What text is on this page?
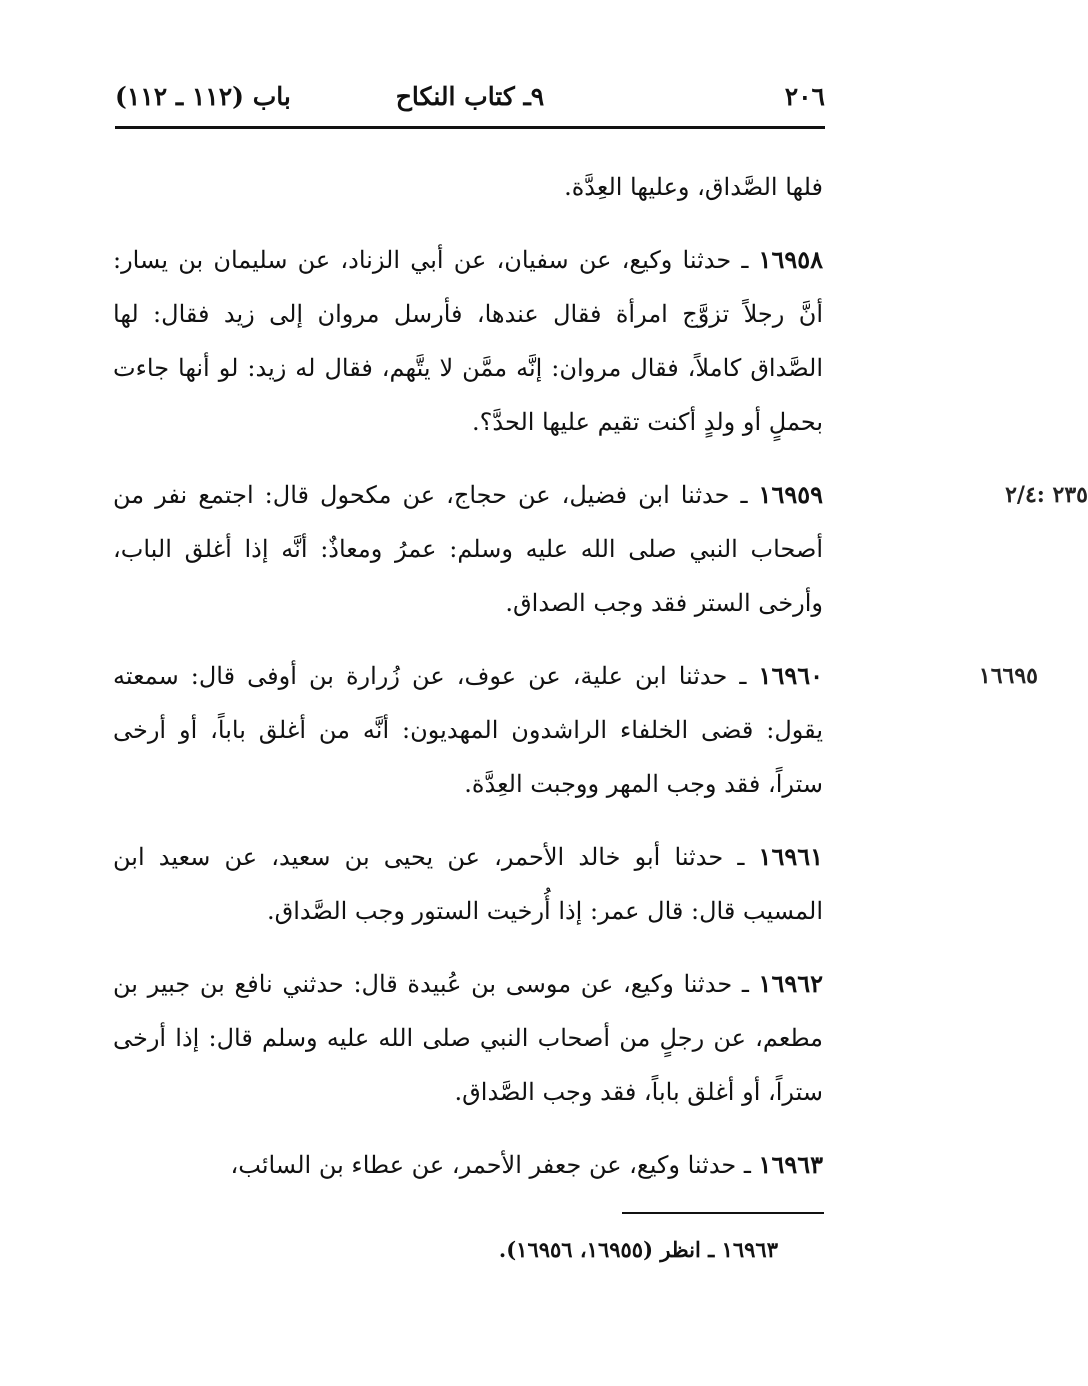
٢٠٦
٩ـ كتاب النكاح
باب (١١٢ ـ ١١٢)

فلها الصَّداق، وعليها العِدَّة.

١٦٩٥٨ ـ حدثنا وكيع، عن سفيان، عن أبي الزناد، عن سليمان بن يسار: أنَّ رجلاً تزوَّج امرأة فقال عندها، فأرسل مروان إلى زيد فقال: لها الصَّداق كاملاً، فقال مروان: إنَّه ممَّن لا يتَّهم، فقال له زيد: لو أنها جاءت بحملٍ أو ولدٍ أكنت تقيم عليها الحدَّ؟.

٢٣٥ :٢/٤
١٦٩٥٩ ـ حدثنا ابن فضيل، عن حجاج، عن مكحول قال: اجتمع نفر من أصحاب النبي صلى الله عليه وسلم: عمرُ ومعاذٌ: أنَّه إذا أغلق الباب، وأرخى الستر فقد وجب الصداق.

١٦٦٩٥
١٦٩٦٠ ـ حدثنا ابن علية، عن عوف، عن زُرارة بن أوفى قال: سمعته يقول: قضى الخلفاء الراشدون المهديون: أنَّه من أغلق باباً، أو أرخى ستراً، فقد وجب المهر ووجبت العِدَّة.

١٦٩٦١ ـ حدثنا أبو خالد الأحمر، عن يحيى بن سعيد، عن سعيد ابن المسيب قال: قال عمر: إذا أُرخيت الستور وجب الصَّداق.

١٦٩٦٢ ـ حدثنا وكيع، عن موسى بن عُبيدة قال: حدثني نافع بن جبير بن مطعم، عن رجلٍ من أصحاب النبي صلى الله عليه وسلم قال: إذا أرخى ستراً، أو أغلق باباً، فقد وجب الصَّداق.

١٦٩٦٣ ـ حدثنا وكيع، عن جعفر الأحمر، عن عطاء بن السائب،

١٦٩٦٣ ـ انظر (١٦٩٥٥، ١٦٩٥٦).
